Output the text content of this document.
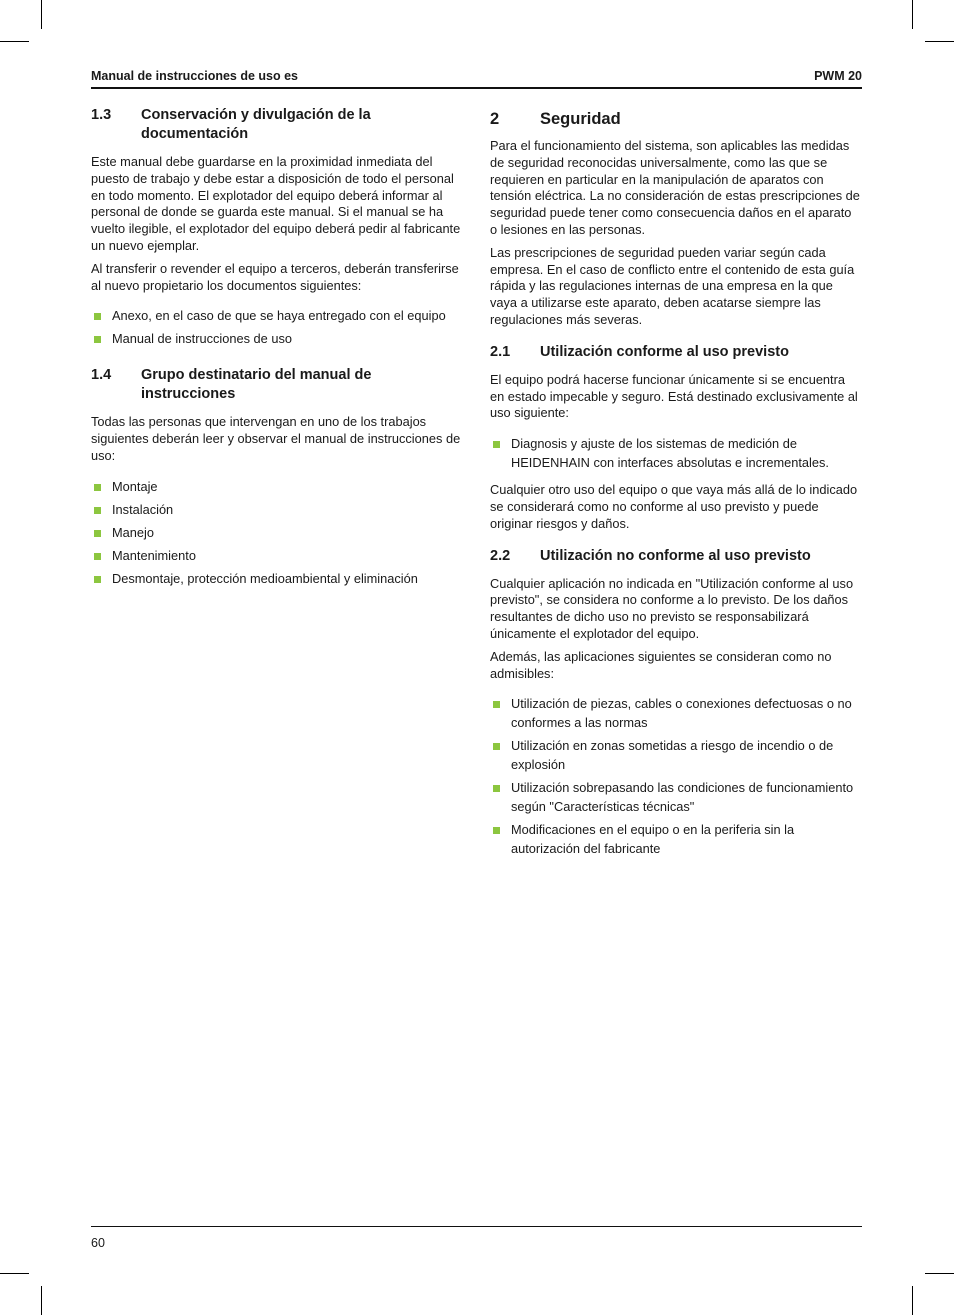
Manual de instrucciones de uso es	PWM 20
1.3	Conservación y divulgación de la documentación

Este manual debe guardarse en la proximidad inmediata del puesto de trabajo y debe estar a disposición de todo el personal en todo momento. El explotador del equipo deberá informar al personal de donde se guarda este manual. Si el manual se ha vuelto ilegible, el explotador del equipo deberá pedir al fabricante un nuevo ejemplar.

Al transferir o revender el equipo a terceros, deberán transferirse al nuevo propietario los documentos siguientes:

Anexo, en el caso de que se haya entregado con el equipo
Manual de instrucciones de uso
1.4	Grupo destinatario del manual de instrucciones

Todas las personas que intervengan en uno de los trabajos siguientes deberán leer y observar el manual de instrucciones de uso:

Montaje
Instalación
Manejo
Mantenimiento
Desmontaje, protección medioambiental y eliminación
2	Seguridad

Para el funcionamiento del sistema, son aplicables las medidas de seguridad reconocidas universalmente, como las que se requieren en particular en la manipulación de aparatos con tensión eléctrica. La no consideración de estas prescripciones de seguridad puede tener como consecuencia daños en el aparato o lesiones en las personas.

Las prescripciones de seguridad pueden variar según cada empresa. En el caso de conflicto entre el contenido de esta guía rápida y las regulaciones internas de una empresa en la que vaya a utilizarse este aparato, deben acatarse siempre las regulaciones más severas.

2.1	Utilización conforme al uso previsto

El equipo podrá hacerse funcionar únicamente si se encuentra en estado impecable y seguro. Está destinado exclusivamente al uso siguiente:

Diagnosis y ajuste de los sistemas de medición de HEIDENHAIN con interfaces absolutas e incrementales.

Cualquier otro uso del equipo o que vaya más allá de lo indicado se considerará como no conforme al uso previsto y puede originar riesgos y daños.

2.2	Utilización no conforme al uso previsto

Cualquier aplicación no indicada en "Utilización conforme al uso previsto", se considera no conforme a lo previsto. De los daños resultantes de dicho uso no previsto se responsabilizará únicamente el explotador del equipo.

Además, las aplicaciones siguientes se consideran como no admisibles:

Utilización de piezas, cables o conexiones defectuosas o no conformes a las normas
Utilización en zonas sometidas a riesgo de incendio o de explosión
Utilización sobrepasando las condiciones de funcionamiento según "Características técnicas"
Modificaciones en el equipo o en la periferia sin la autorización del fabricante
60
